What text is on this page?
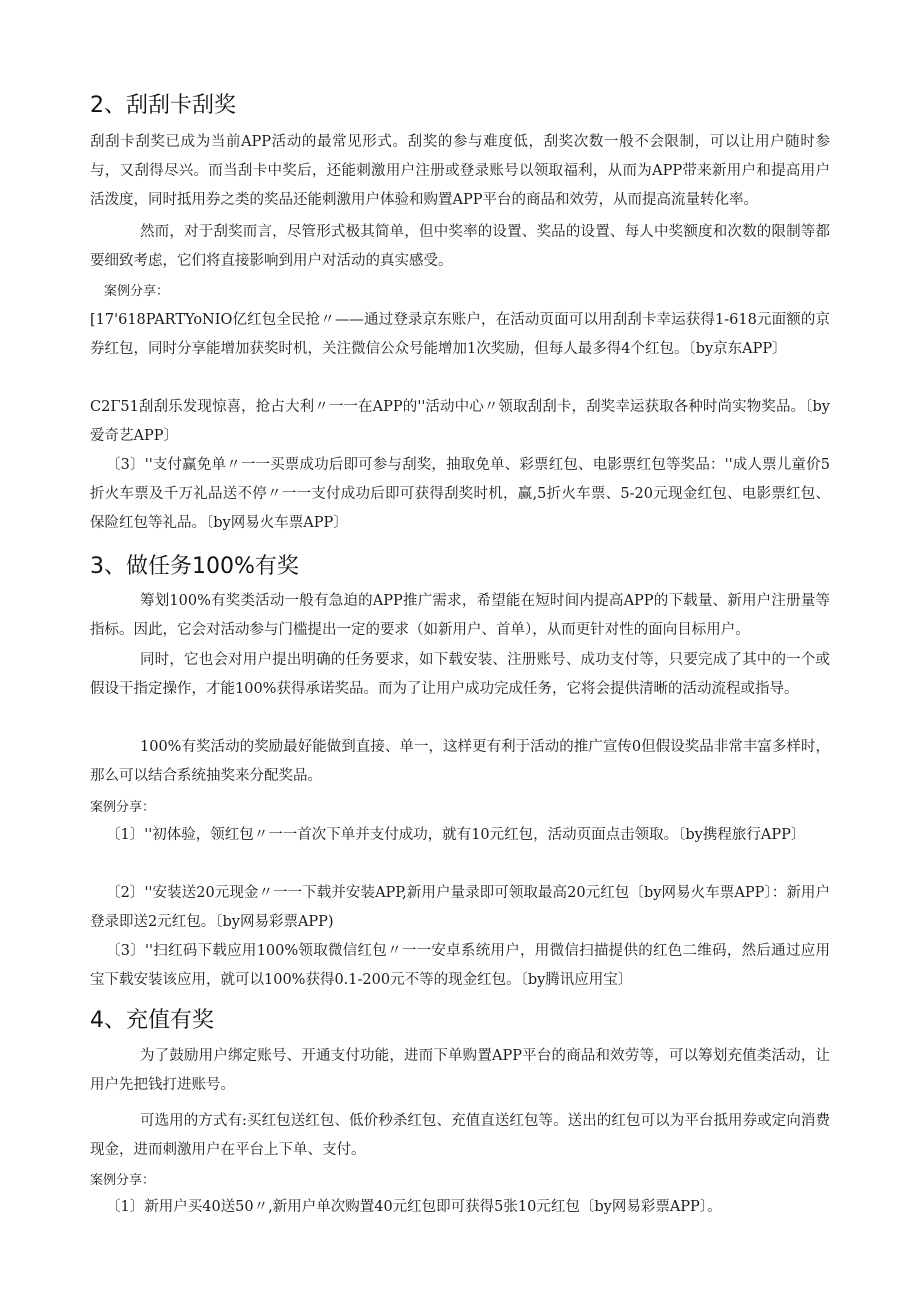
2、刮刮卡刮奖
刮刮卡刮奖已成为当前APP活动的最常见形式。刮奖的参与难度低，刮奖次数一般不会限制，可以让用户随时参与，又刮得尽兴。而当刮卡中奖后，还能刺激用户注册或登录账号以领取福利，从而为APP带来新用户和提高用户活泼度，同时抵用券之类的奖品还能刺激用户体验和购置APP平台的商品和效劳，从而提高流量转化率。
然而，对于刮奖而言，尽管形式极其简单，但中奖率的设置、奖品的设置、每人中奖额度和次数的限制等都要细致考虑，它们将直接影响到用户对活动的真实感受。
案例分享：
[17'618PARTYoNIO亿红包全民抢〃——通过登录京东账户，在活动页面可以用刮刮卡幸运获得1-618元面额的京券红包，同时分享能增加获奖时机，关注微信公众号能增加1次奖励，但每人最多得4个红包。〔by京东APP〕
C2Γ51刮刮乐发现惊喜，抢占大利〃一一在APP的''活动中心〃领取刮刮卡，刮奖幸运获取各种时尚实物奖品。〔by爱奇艺APP〕
〔3〕''支付赢免单〃一一买票成功后即可参与刮奖，抽取免单、彩票红包、电影票红包等奖品：''成人票儿童价5折火车票及千万礼品送不停〃一一支付成功后即可获得刮奖时机，赢,5折火车票、5-20元现金红包、电影票红包、保险红包等礼品。〔by网易火车票APP〕
3、做任务100%有奖
筹划100%有奖类活动一般有急迫的APP推广需求，希望能在短时间内提高APP的下载量、新用户注册量等指标。因此，它会对活动参与门槛提出一定的要求（如新用户、首单），从而更针对性的面向目标用户。
同时，它也会对用户提出明确的任务要求，如下载安装、注册账号、成功支付等，只要完成了其中的一个或假设干指定操作，才能100%获得承诺奖品。而为了让用户成功完成任务，它将会提供清晰的活动流程或指导。
100%有奖活动的奖励最好能做到直接、单一，这样更有利于活动的推广宣传0但假设奖品非常丰富多样时，那么可以结合系统抽奖来分配奖品。
案例分享：
〔1〕''初体验，领红包〃一一首次下单并支付成功，就有10元红包，活动页面点击领取。〔by携程旅行APP〕
〔2〕''安装送20元现金〃一一下载并安装APP,新用户量录即可领取最高20元红包〔by网易火车票APP〕：新用户登录即送2元红包。〔by网易彩票APP)
〔3〕''扫红码下载应用100%领取微信红包〃一一安卓系统用户，用微信扫描提供的红色二维码，然后通过应用宝下载安装该应用，就可以100%获得0.1-200元不等的现金红包。〔by腾讯应用宝〕
4、充值有奖
为了鼓励用户绑定账号、开通支付功能，进而下单购置APP平台的商品和效劳等，可以筹划充值类活动，让用户先把钱打进账号。
可选用的方式有:买红包送红包、低价秒杀红包、充值直送红包等。送出的红包可以为平台抵用券或定向消费现金，进而刺激用户在平台上下单、支付。
案例分享：
〔1〕新用户买40送50〃,新用户单次购置40元红包即可获得5张10元红包〔by网易彩票APP〕。
